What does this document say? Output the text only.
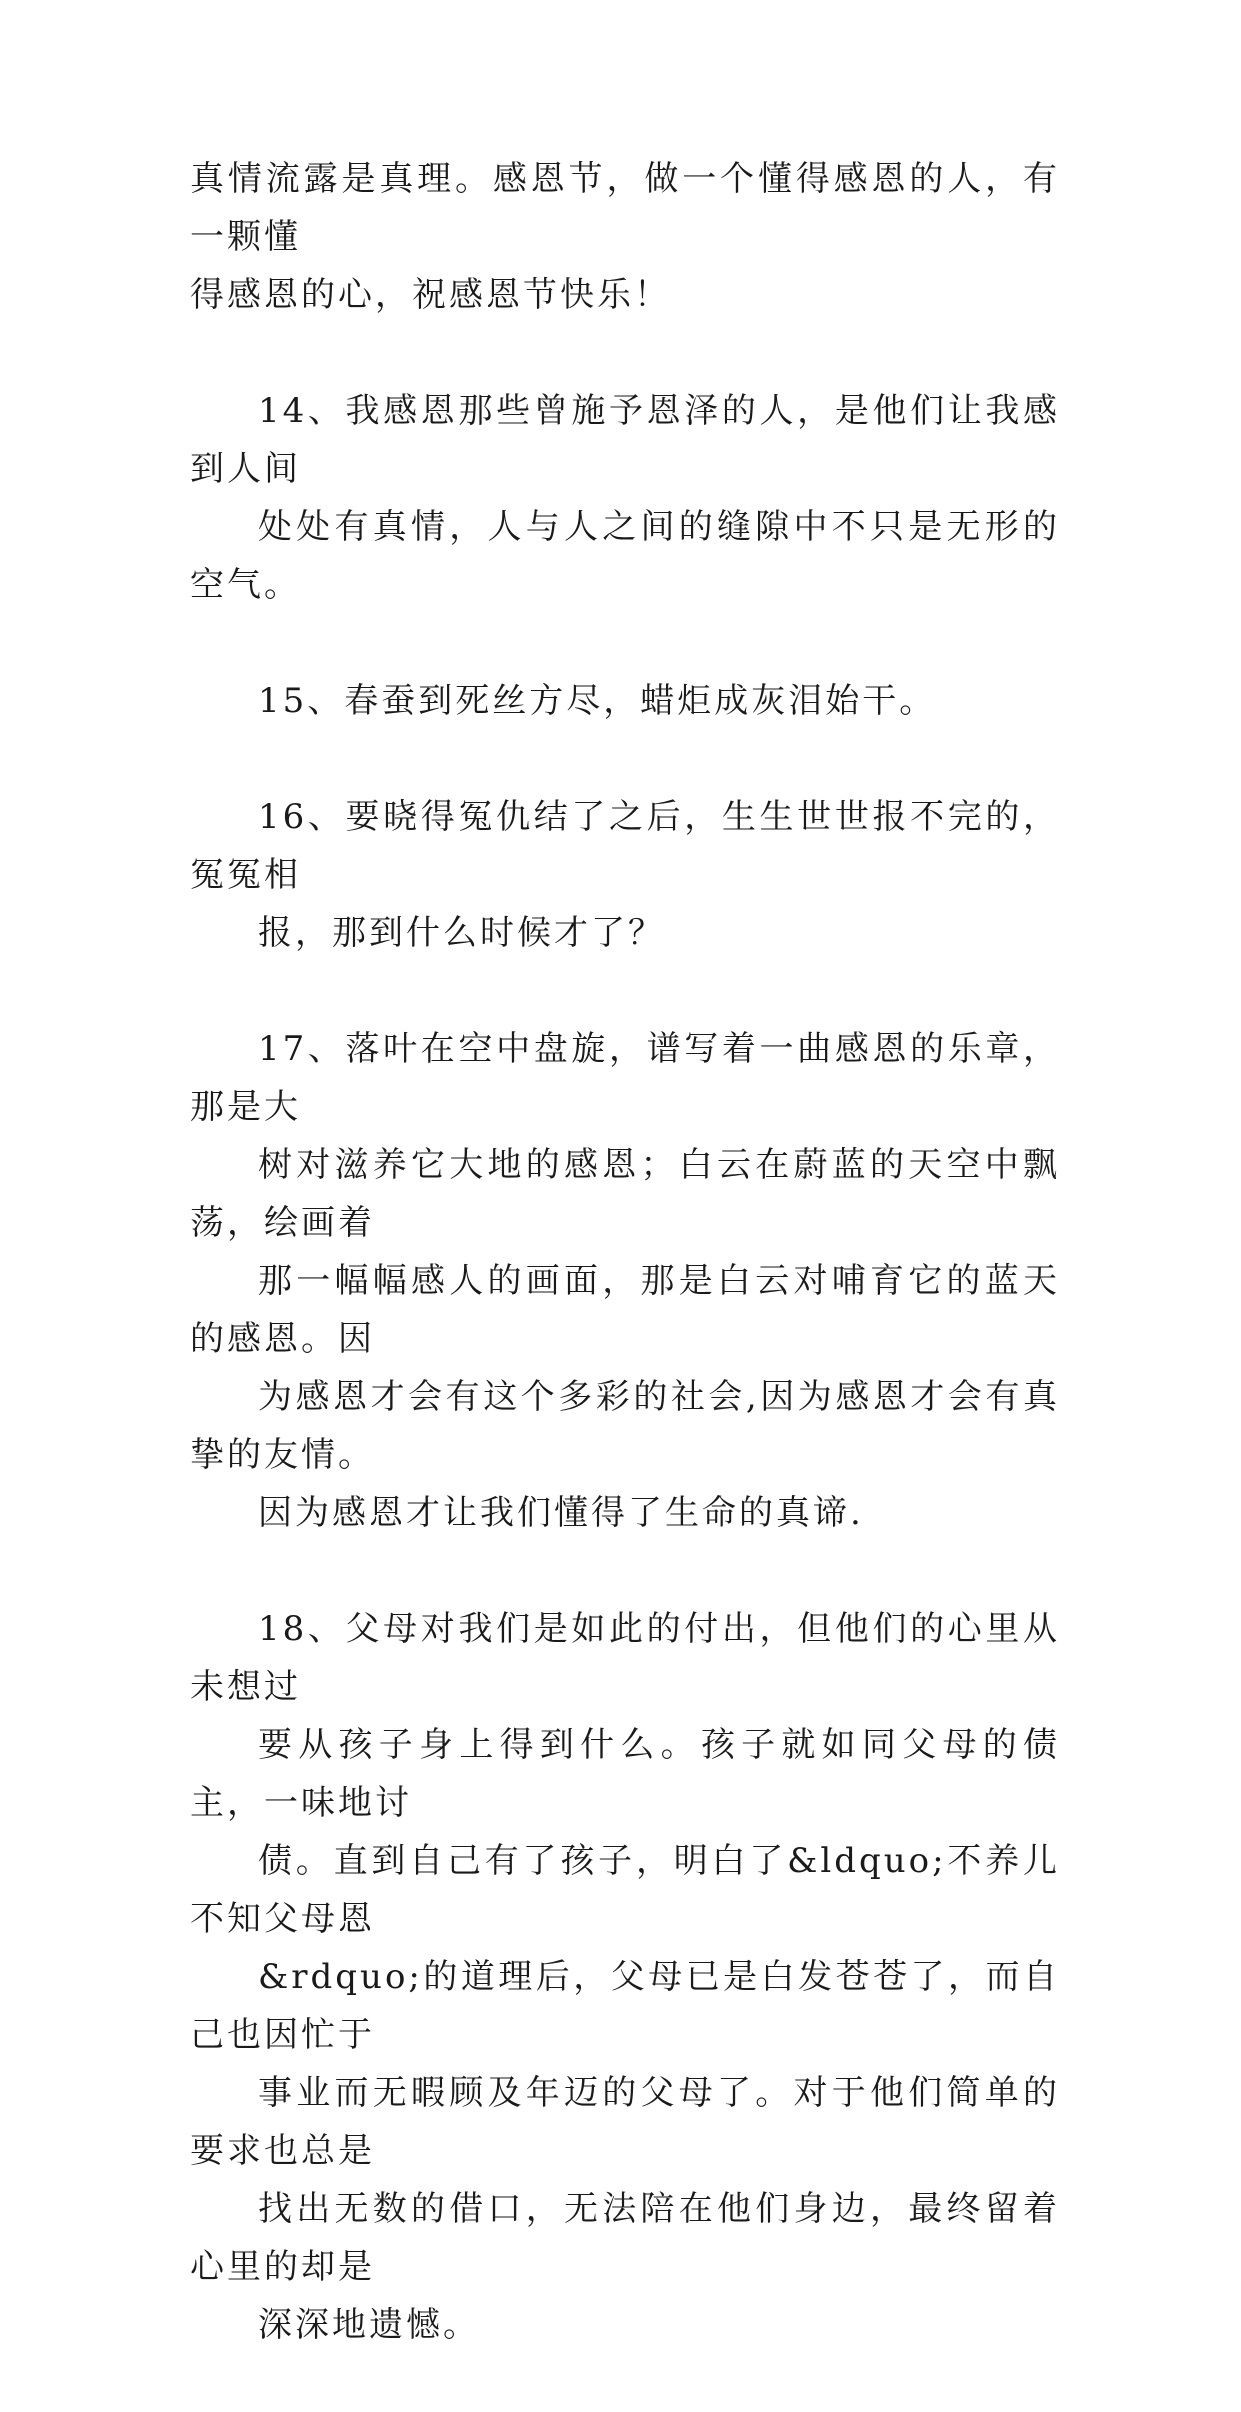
真情流露是真理。感恩节，做一个懂得感恩的人，有一颗懂
得感恩的心，祝感恩节快乐！

14、我感恩那些曾施予恩泽的人，是他们让我感到人间
处处有真情，人与人之间的缝隙中不只是无形的空气。

15、春蚕到死丝方尽，蜡炬成灰泪始干。

16、要晓得冤仇结了之后，生生世世报不完的，冤冤相
报，那到什么时候才了？

17、落叶在空中盘旋，谱写着一曲感恩的乐章，那是大
树对滋养它大地的感恩；白云在蔚蓝的天空中飘荡，绘画着
那一幅幅感人的画面，那是白云对哺育它的蓝天的感恩。因
为感恩才会有这个多彩的社会,因为感恩才会有真挚的友情。
因为感恩才让我们懂得了生命的真谛.

18、父母对我们是如此的付出，但他们的心里从未想过
要从孩子身上得到什么。孩子就如同父母的债主，一味地讨
债。直到自己有了孩子，明白了&ldquo;不养儿不知父母恩
&rdquo;的道理后，父母已是白发苍苍了，而自己也因忙于
事业而无暇顾及年迈的父母了。对于他们简单的要求也总是
找出无数的借口，无法陪在他们身边，最终留着心里的却是
深深地遗憾。
